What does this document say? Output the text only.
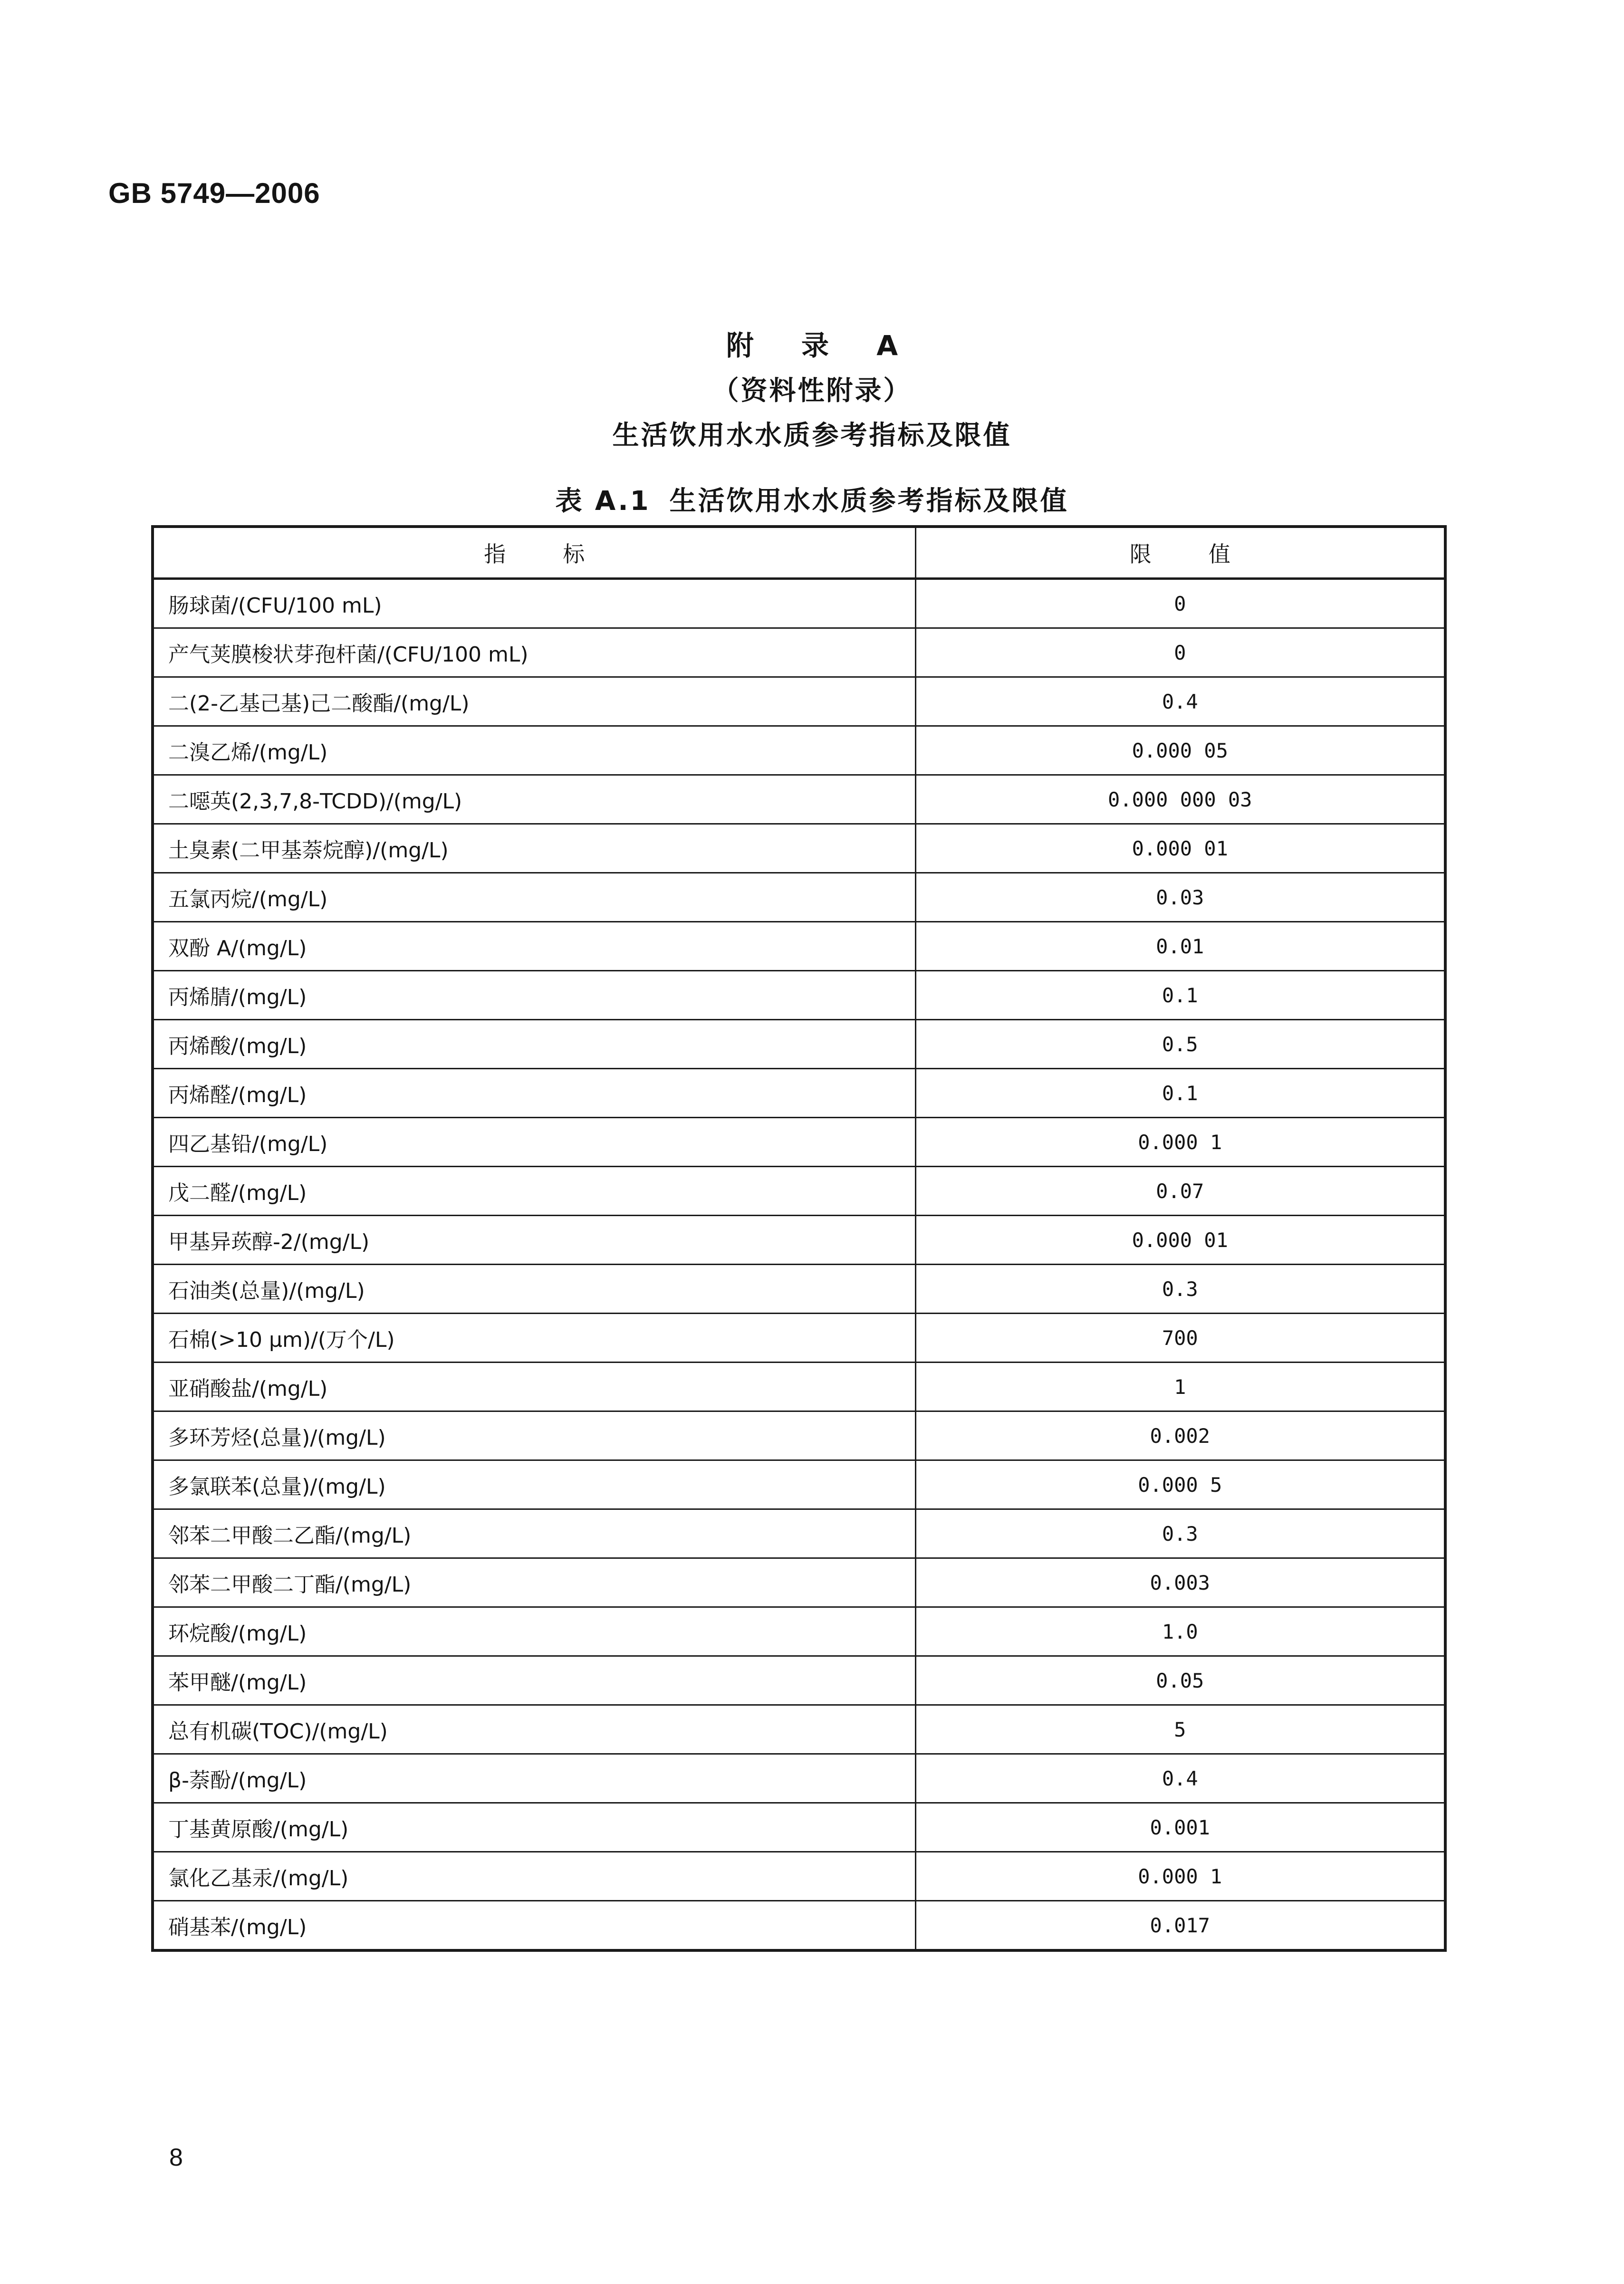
GB 5749—2006
附 录 A
（资料性附录）
生活饮用水水质参考指标及限值
表 A.1 生活饮用水水质参考指标及限值
指标	限值
肠球菌/(CFU/100 mL)	0
产气荚膜梭状芽孢杆菌/(CFU/100 mL)	0
二(2-乙基己基)己二酸酯/(mg/L)	0.4
二溴乙烯/(mg/L)	0.000 05
二噁英(2,3,7,8-TCDD)/(mg/L)	0.000 000 03
土臭素(二甲基萘烷醇)/(mg/L)	0.000 01
五氯丙烷/(mg/L)	0.03
双酚 A/(mg/L)	0.01
丙烯腈/(mg/L)	0.1
丙烯酸/(mg/L)	0.5
丙烯醛/(mg/L)	0.1
四乙基铅/(mg/L)	0.000 1
戊二醛/(mg/L)	0.07
甲基异莰醇-2/(mg/L)	0.000 01
石油类(总量)/(mg/L)	0.3
石棉(>10 μm)/(万个/L)	700
亚硝酸盐/(mg/L)	1
多环芳烃(总量)/(mg/L)	0.002
多氯联苯(总量)/(mg/L)	0.000 5
邻苯二甲酸二乙酯/(mg/L)	0.3
邻苯二甲酸二丁酯/(mg/L)	0.003
环烷酸/(mg/L)	1.0
苯甲醚/(mg/L)	0.05
总有机碳(TOC)/(mg/L)	5
β-萘酚/(mg/L)	0.4
丁基黄原酸/(mg/L)	0.001
氯化乙基汞/(mg/L)	0.000 1
硝基苯/(mg/L)	0.017
8
